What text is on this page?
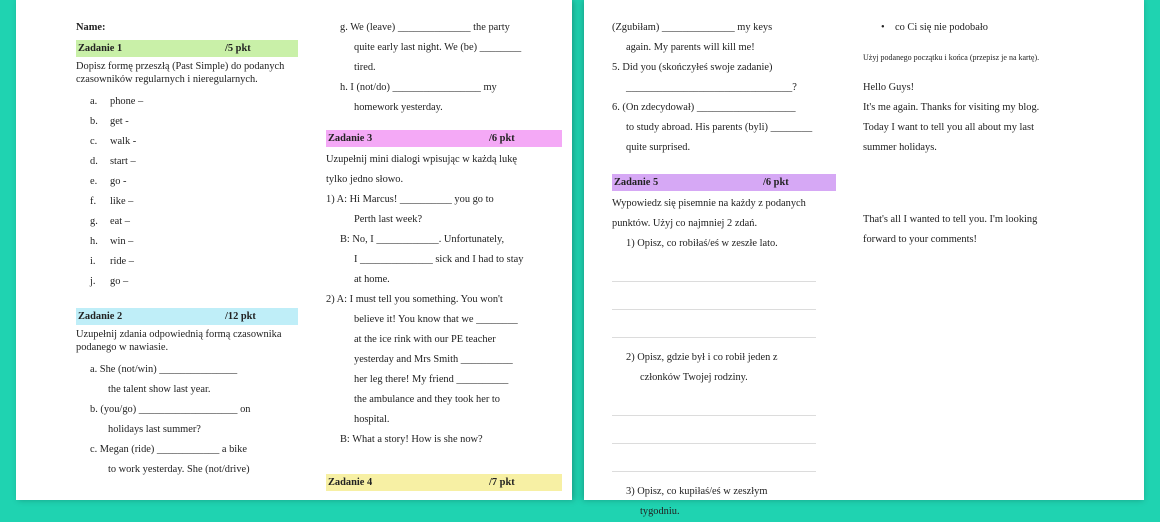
Name:
Zadanie 1	/5 pkt
Dopisz formę przeszłą (Past Simple) do podanych czasowników regularnych i nieregularnych.
a. phone –
b. get -
c. walk -
d. start –
e. go -
f. like –
g. eat –
h. win –
i. ride –
j. go –
Zadanie 2	/12 pkt
Uzupełnij zdania odpowiednią formą czasownika podanego w nawiasie.
a. She (not/win) _______________
the talent show last year.
b. (you/go) ___________________ on
holidays last summer?
c. Megan (ride) ____________ a bike
to work yesterday. She (not/drive)
g. We (leave) ______________ the party
quite early last night. We (be) ________
tired.
h. I (not/do) _________________ my
homework yesterday.
Zadanie 3	/6 pkt
Uzupełnij mini dialogi wpisując w każdą lukę
tylko jedno słowo.
1) A: Hi Marcus! __________ you go to
Perth last week?
B: No, I ____________. Unfortunately,
I ______________ sick and I had to stay
at home.
2) A: I must tell you something. You won't
believe it! You know that we ________
at the ice rink with our PE teacher
yesterday and Mrs Smith __________
her leg there! My friend __________
the ambulance and they took her to
hospital.
B: What a story! How is she now?
Zadanie 4	/7 pkt
(Zgubiłam) ______________ my keys
again. My parents will kill me!
5. Did you (skończyłeś swoje zadanie)
________________________________?
6. (On zdecydował) ___________________
to study abroad. His parents (byli) ________
quite surprised.
Zadanie 5	/6 pkt
Wypowiedz się pisemnie na każdy z podanych
punktów. Użyj co najmniej 2 zdań.
1) Opisz, co robiłaś/eś w zeszłe lato.
2) Opisz, gdzie był i co robił jeden z
członków Twojej rodziny.
3) Opisz, co kupiłaś/eś w zeszłym
tygodniu.
• co Ci się nie podobało
Użyj podanego początku i końca (przepisz je na kartę).
Hello Guys!
It's me again. Thanks for visiting my blog.
Today I want to tell you all about my last
summer holidays.
That's all I wanted to tell you. I'm looking
forward to your comments!
